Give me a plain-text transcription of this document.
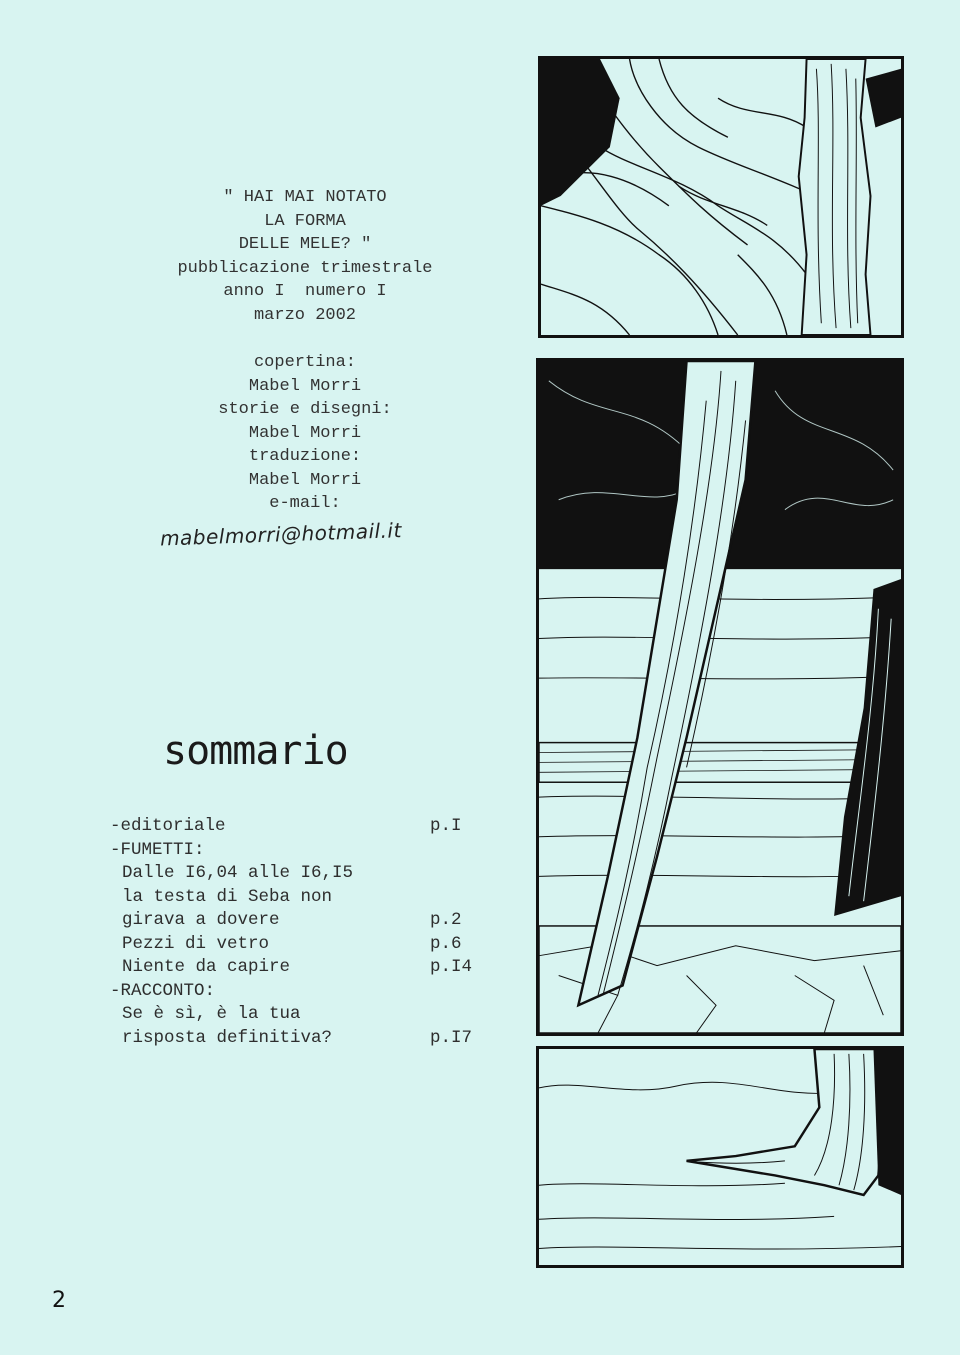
" HAI MAI NOTATO
LA FORMA
DELLE MELE? "
pubblicazione trimestrale
anno I  numero I
marzo 2002
copertina:
Mabel Morri
storie e disegni:
Mabel Morri
traduzione:
Mabel Morri
e-mail:
mabelmorri@hotmail.it
sommario

-editoriale	p.I

-FUMETTI:

Dalle I6,04 alle I6,I5

la testa di Seba non

girava a dovere	p.2

Pezzi di vetro	p.6

Niente da capire	p.I4

-RACCONTO:

Se è sì, è la tua

risposta definitiva?	p.I7

2
